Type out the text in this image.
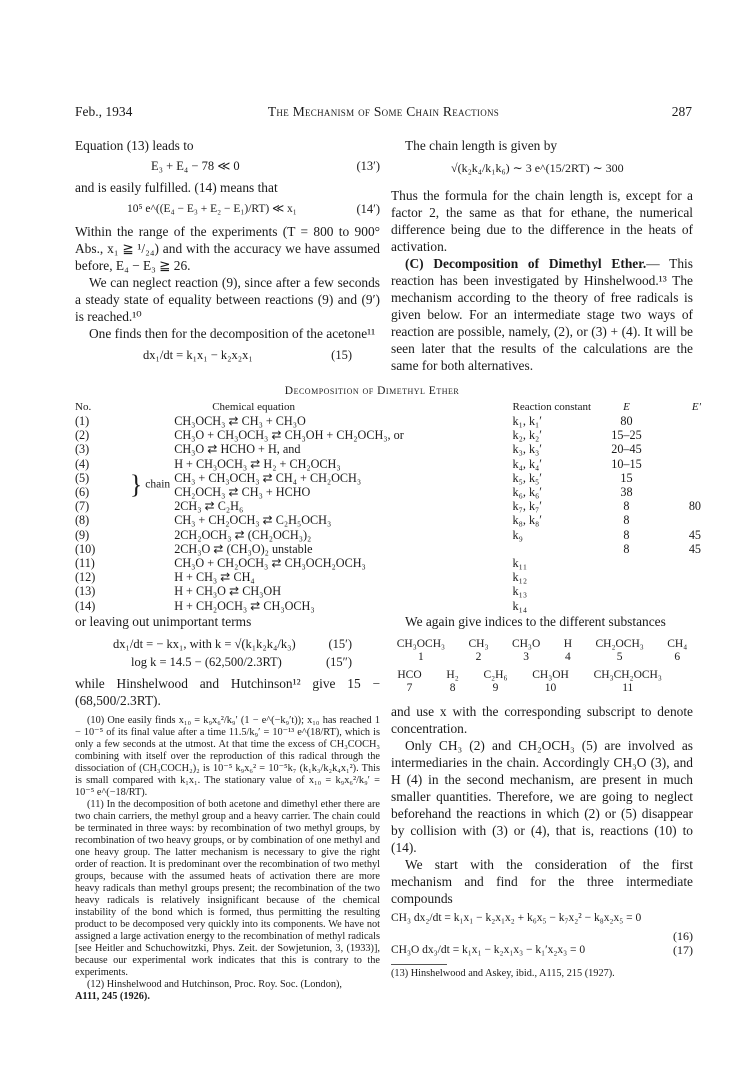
Feb., 1934	The Mechanism of Some Chain Reactions	287

Equation (13) leads to

E₃ + E₄ − 78 ≪ 0	(13′)

and is easily fulfilled. (14) means that

10⁵ e^((E₄ − E₃ + E₂ − E₁)/RT) ≪ x₁	(14′)

Within the range of the experiments (T = 800 to 900° Abs., x₁ ≧ ¹/₂₄) and with the accuracy we have assumed before, E₄ − E₃ ≧ 26.

We can neglect reaction (9), since after a few seconds a steady state of equality between reactions (9) and (9′) is reached.¹⁰

One finds then for the decomposition of the acetone¹¹

dx₁/dt = k₁x₁ − k₂x₂x₁	(15)

The chain length is given by

√(k₂k₄/k₁k₆) ∼ 3 e^(15/2RT) ∼ 300

Thus the formula for the chain length is, except for a factor 2, the same as that for ethane, the numerical difference being due to the difference in the heats of activation.

(C) Decomposition of Dimethyl Ether.— This reaction has been investigated by Hinshelwood.¹³ The mechanism according to the theory of free radicals is given below. For an intermediate stage two ways of reaction are possible, namely, (2), or (3) + (4). It will be seen later that the results of the calculations are the same for both alternatives.

Decomposition of Dimethyl Ether
No.		Chemical equation	Reaction constant	E	E′
(1)		CH₃OCH₃ ⇄ CH₃ + CH₃O	k₁, k₁′	80	
(2)		CH₃O + CH₃OCH₃ ⇄ CH₃OH + CH₂OCH₃, or	k₂, k₂′	15–25	
(3)		CH₃O ⇄ HCHO + H, and	k₃, k₃′	20–45	
(4)		H + CH₃OCH₃ ⇄ H₂ + CH₂OCH₃	k₄, k₄′	10–15	
(5)	} chain	CH₃ + CH₃OCH₃ ⇄ CH₄ + CH₂OCH₃	k₅, k₅′	15	
(6)		CH₂OCH₃ ⇄ CH₃ + HCHO	k₆, k₆′	38	
(7)		2CH₃ ⇄ C₂H₆	k₇, k₇′	8	80
(8)		CH₃ + CH₂OCH₃ ⇄ C₂H₅OCH₃	k₈, k₈′	8	
(9)		2CH₂OCH₃ ⇄ (CH₂OCH₃)₂	k₉	8	45
(10)		2CH₃O ⇄ (CH₃O)₂ unstable		8	45
(11)		CH₃O + CH₂OCH₃ ⇄ CH₃OCH₂OCH₃	k₁₁		
(12)		H + CH₃ ⇄ CH₄	k₁₂		
(13)		H + CH₃O ⇄ CH₃OH	k₁₃		
(14)		H + CH₂OCH₃ ⇄ CH₃OCH₃	k₁₄		

or leaving out unimportant terms

dx₁/dt = − kx₁, with k = √(k₁k₂k₄/k₃)	(15′)
log k = 14.5 − (62,500/2.3RT)	(15″)

while Hinshelwood and Hutchinson¹² give 15 − (68,500/2.3RT).

(10) One easily finds x₁₀ = k₉x₆²/k₉′ (1 − e^(−k₉′t)); x₁₀ has reached 1 − 10⁻⁵ of its final value after a time 11.5/k₉′ = 10⁻¹³ e^(18/RT), which is only a few seconds at the utmost. At that time the excess of CH₃COCH₃ combining with itself over the reproduction of this radical through the dissociation of (CH₃COCH₂)₂ is 10⁻⁵ k₉x₆² = 10⁻⁵k₇ (k₁k₃/k₂k₄x₁²). This is small compared with k₁x₁. The stationary value of x₁₀ = k₉x₆²/k₉′ = 10⁻⁵ e^(−18/RT).

(11) In the decomposition of both acetone and dimethyl ether there are two chain carriers, the methyl group and a heavy carrier. The chain could be terminated in three ways: by recombination of two methyl groups, by recombination of two heavy groups, or by combination of one methyl and one heavy group. The latter mechanism is necessary to give the right order of reaction. It is predominant over the recombination of two methyl groups, because with the assumed heats of activation there are more heavy radicals than methyl groups present; the recombination of the two heavy radicals is relatively insignificant because of the chemical instability of the bond which is formed, thus permitting the resulting product to be decomposed very quickly into its components. We have not assigned a large activation energy to the recombination of methyl radicals [see Heitler and Schuchowitzki, Phys. Zeit. der Sowjetunion, 3, (1933)], because our experimental work indicates that this is contrary to the experiments.

(12) Hinshelwood and Hutchinson, Proc. Roy. Soc. (London),

A111, 245 (1926).

We again give indices to the different substances

CH₃OCH₃	CH₃	CH₃O	H	CH₂OCH₃	CH₄
1	2	3	4	5	6
HCO	H₂	C₂H₆	CH₃OH	CH₃CH₂OCH₃
7	8	9	10	11

and use x with the corresponding subscript to denote concentration.

Only CH₃ (2) and CH₂OCH₃ (5) are involved as intermediaries in the chain. Accordingly CH₃O (3), and H (4) in the second mechanism, are present in much smaller quantities. Therefore, we are going to neglect beforehand the reactions in which (2) or (5) disappear by collision with (3) or (4), that is, reactions (10) to (14).

We start with the consideration of the first mechanism and find for the three intermediate compounds

CH₃ dx₂/dt = k₁x₁ − k₂x₁x₂ + k₆x₅ − k₇x₂² − k₈x₂x₅ = 0
(16)
CH₃O dx₃/dt = k₁x₁ − k₂x₁x₃ − k₁′x₂x₃ = 0	(17)

(13) Hinshelwood and Askey, ibid., A115, 215 (1927).
